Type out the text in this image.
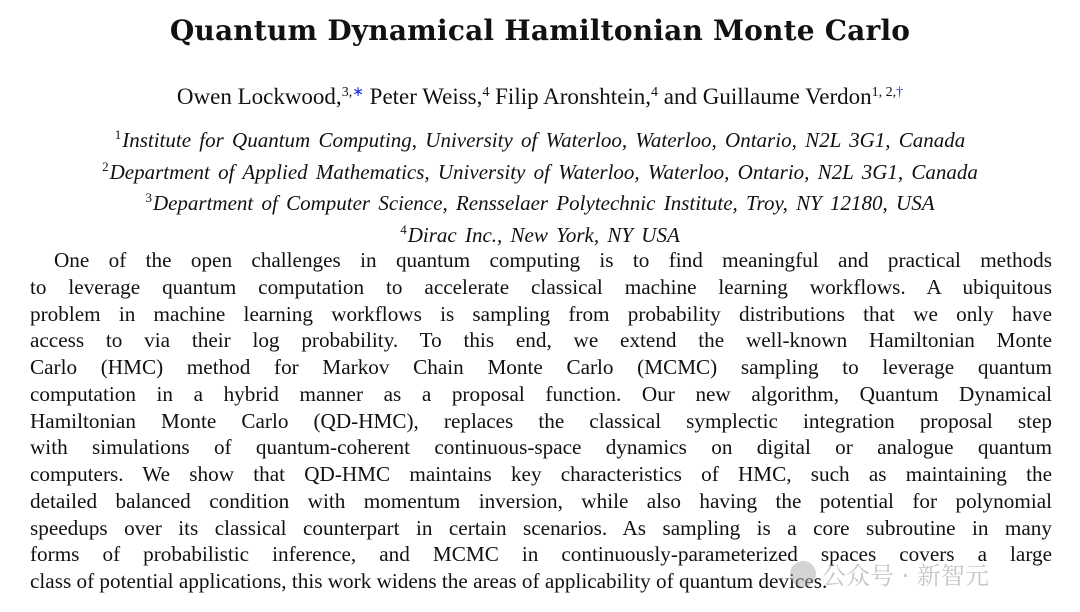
Quantum Dynamical Hamiltonian Monte Carlo
Owen Lockwood,$^{3,∗}$ Peter Weiss,$^4$ Filip Aronshtein,$^4$ and Guillaume Verdon$^{1, 2,\dagger}$
$^1$Institute for Quantum Computing, University of Waterloo, Waterloo, Ontario, N2L 3G1, Canada
$^2$Department of Applied Mathematics, University of Waterloo, Waterloo, Ontario, N2L 3G1, Canada
$^3$Department of Computer Science, Rensselaer Polytechnic Institute, Troy, NY 12180, USA
$^4$Dirac Inc., New York, NY USA
One of the open challenges in quantum computing is to find meaningful and practical methods
to leverage quantum computation to accelerate classical machine learning workflows. A ubiquitous
problem in machine learning workflows is sampling from probability distributions that we only have
access to via their log probability. To this end, we extend the well-known Hamiltonian Monte
Carlo (HMC) method for Markov Chain Monte Carlo (MCMC) sampling to leverage quantum
computation in a hybrid manner as a proposal function. Our new algorithm, Quantum Dynamical
Hamiltonian Monte Carlo (QD-HMC), replaces the classical symplectic integration proposal step
with simulations of quantum-coherent continuous-space dynamics on digital or analogue quantum
computers. We show that QD-HMC maintains key characteristics of HMC, such as maintaining the
detailed balanced condition with momentum inversion, while also having the potential for polynomial
speedups over its classical counterpart in certain scenarios. As sampling is a core subroutine in many
forms of probabilistic inference, and MCMC in continuously-parameterized spaces covers a large
class of potential applications, this work widens the areas of applicability of quantum devices.
公众号 · 新智元
